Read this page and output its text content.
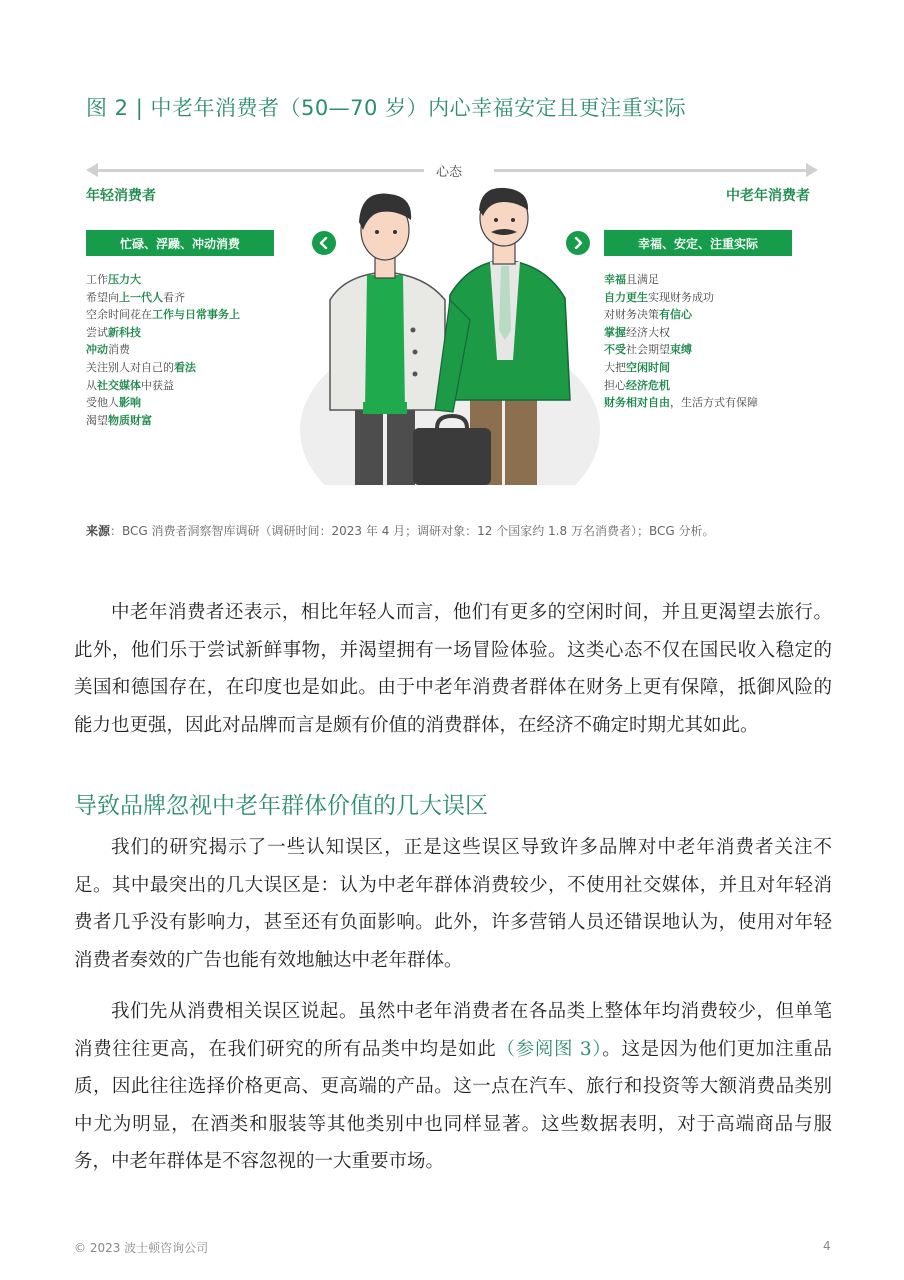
图 2 | 中老年消费者（50—70 岁）内心幸福安定且更注重实际
心态
年轻消费者	中老年消费者
忙碌、浮躁、冲动消费	幸福、安定、注重实际
工作压力大
希望向上一代人看齐
空余时间花在工作与日常事务上
尝试新科技
冲动消费
关注别人对自己的看法
从社交媒体中获益
受他人影响
渴望物质财富
幸福且满足
自力更生实现财务成功
对财务决策有信心
掌握经济大权
不受社会期望束缚
大把空闲时间
担心经济危机
财务相对自由，生活方式有保障
来源：BCG 消费者洞察智库调研（调研时间：2023 年 4 月；调研对象：12 个国家约 1.8 万名消费者）；BCG 分析。
中老年消费者还表示，相比年轻人而言，他们有更多的空闲时间，并且更渴望去旅行。此外，他们乐于尝试新鲜事物，并渴望拥有一场冒险体验。这类心态不仅在国民收入稳定的美国和德国存在，在印度也是如此。由于中老年消费者群体在财务上更有保障，抵御风险的能力也更强，因此对品牌而言是颇有价值的消费群体，在经济不确定时期尤其如此。
导致品牌忽视中老年群体价值的几大误区
我们的研究揭示了一些认知误区，正是这些误区导致许多品牌对中老年消费者关注不足。其中最突出的几大误区是：认为中老年群体消费较少，不使用社交媒体，并且对年轻消费者几乎没有影响力，甚至还有负面影响。此外，许多营销人员还错误地认为，使用对年轻消费者奏效的广告也能有效地触达中老年群体。
我们先从消费相关误区说起。虽然中老年消费者在各品类上整体年均消费较少，但单笔消费往往更高，在我们研究的所有品类中均是如此（参阅图 3）。这是因为他们更加注重品质，因此往往选择价格更高、更高端的产品。这一点在汽车、旅行和投资等大额消费品类别中尤为明显，在酒类和服装等其他类别中也同样显著。这些数据表明，对于高端商品与服务，中老年群体是不容忽视的一大重要市场。
© 2023 波士顿咨询公司	4
